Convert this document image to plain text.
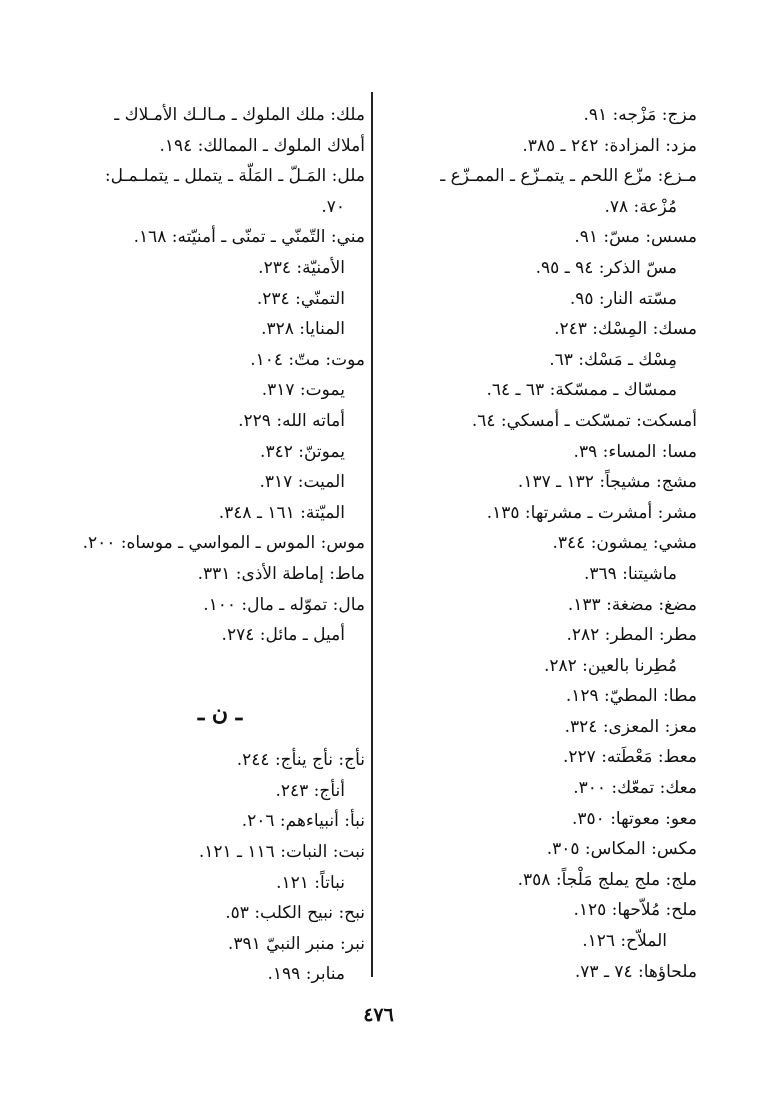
مزج: مَزْجه: ٩١.
مزد: المزادة: ٢٤٢ ـ ٣٨٥.
مـزع: مزّع اللحم ـ يتمـزّع ـ الممـزّع ـ
مُزْعة: ٧٨.
مسس: مسّ: ٩١.
مسّ الذكر: ٩٤ ـ ٩٥.
مسّته النار: ٩٥.
مسك: المِسْك: ٢٤٣.
مِسْك ـ مَسْك: ٦٣.
ممسّاك ـ ممسّكة: ٦٣ ـ ٦٤.
أمسكت: تمسّكت ـ أمسكي: ٦٤.
مسا: المساء: ٣٩.
مشج: مشيجاً: ١٣٢ ـ ١٣٧.
مشر: أمشرت ـ مشرتها: ١٣٥.
مشي: يمشون: ٣٤٤.
ماشيتنا: ٣٦٩.
مضغ: مضغة: ١٣٣.
مطر: المطر: ٢٨٢.
مُطِرنا بالعين: ٢٨٢.
مطا: المطيّ: ١٢٩.
معز: المعزى: ٣٢٤.
معط: مَعْطَته: ٢٢٧.
معك: تمعّك: ٣٠٠.
معو: معوتها: ٣٥٠.
مكس: المكاس: ٣٠٥.
ملج: ملج يملج مَلْجاً: ٣٥٨.
ملح: مُلاّحها: ١٢٥.
الملاّح: ١٢٦.
ملحاؤها: ٧٤ ـ ٧٣.
ملك: ملك الملوك ـ مـالـك الأمـلاك ـ
أملاك الملوك ـ الممالك: ١٩٤.
ملل: المَـلّ ـ المَلّة ـ يتملل ـ يتملـمـل:
٧٠.
مني: التّمنّي ـ تمنّى ـ أمنيّته: ١٦٨.
الأمنيّة: ٢٣٤.
التمنّي: ٢٣٤.
المنايا: ٣٢٨.
موت: متّ: ١٠٤.
يموت: ٣١٧.
أماته الله: ٢٢٩.
يموتنّ: ٣٤٢.
الميت: ٣١٧.
الميّتة: ١٦١ ـ ٣٤٨.
موس: الموس ـ المواسي ـ موساه: ٢٠٠.
ماط: إماطة الأذى: ٣٣١.
مال: تموّله ـ مال: ١٠٠.
أميل ـ مائل: ٢٧٤.
ـ ن ـ
نأج: نأج ينأج: ٢٤٤.
أنأج: ٢٤٣.
نبأ: أنبياءهم: ٢٠٦.
نبت: النبات: ١١٦ ـ ١٢١.
نباتاً: ١٢١.
نبح: نبيح الكلب: ٥٣.
نبر: منبر النبيّ ٣٩١.
منابر: ١٩٩.
٤٧٦
